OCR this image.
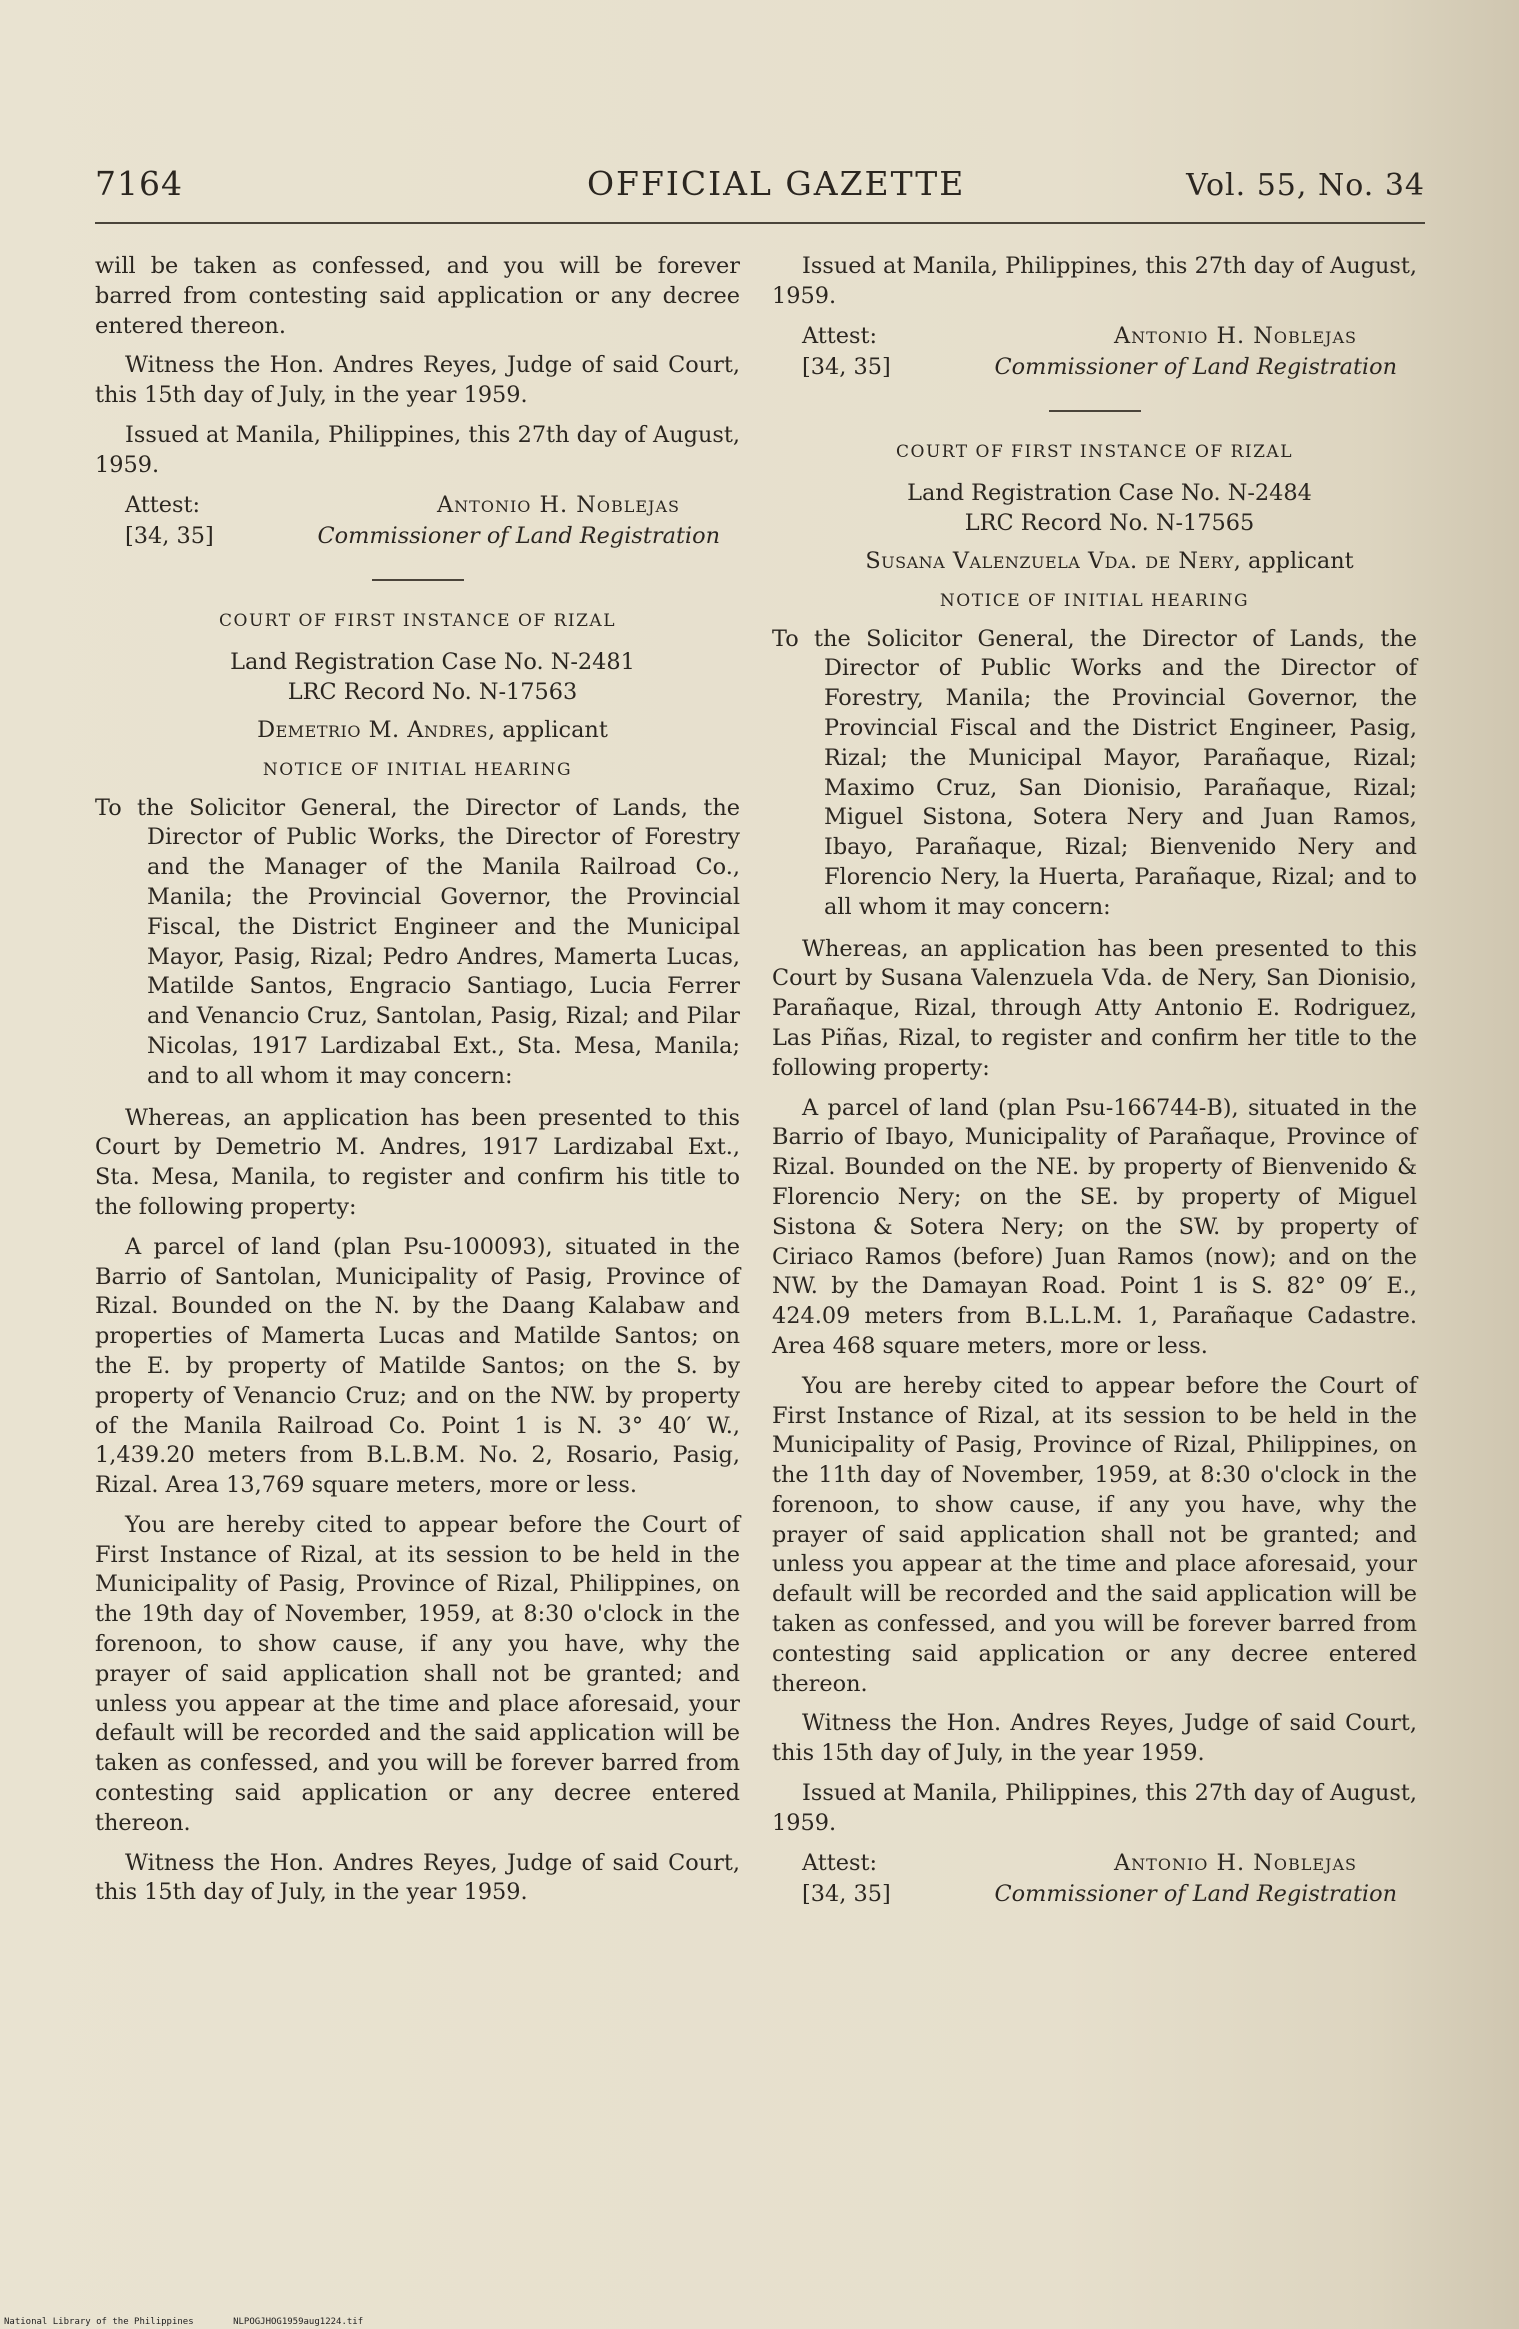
7164	OFFICIAL GAZETTE	Vol. 55, No. 34

will be taken as confessed, and you will be forever barred from contesting said application or any decree entered thereon.

Witness the Hon. Andres Reyes, Judge of said Court, this 15th day of July, in the year 1959.

Issued at Manila, Philippines, this 27th day of August, 1959.

Attest:
[34, 35]
Antonio H. Noblejas
Commissioner of Land Registration
COURT OF FIRST INSTANCE OF RIZAL

Land Registration Case No. N-2481

LRC Record No. N-17563

Demetrio M. Andres, applicant

NOTICE OF INITIAL HEARING

To the Solicitor General, the Director of Lands, the Director of Public Works, the Director of Forestry and the Manager of the Manila Railroad Co., Manila; the Provincial Governor, the Provincial Fiscal, the District Engineer and the Municipal Mayor, Pasig, Rizal; Pedro Andres, Mamerta Lucas, Matilde Santos, Engracio Santiago, Lucia Ferrer and Venancio Cruz, Santolan, Pasig, Rizal; and Pilar Nicolas, 1917 Lardizabal Ext., Sta. Mesa, Manila; and to all whom it may concern:

Whereas, an application has been presented to this Court by Demetrio M. Andres, 1917 Lardizabal Ext., Sta. Mesa, Manila, to register and confirm his title to the following property:

A parcel of land (plan Psu-100093), situated in the Barrio of Santolan, Municipality of Pasig, Province of Rizal. Bounded on the N. by the Daang Kalabaw and properties of Mamerta Lucas and Matilde Santos; on the E. by property of Matilde Santos; on the S. by property of Venancio Cruz; and on the NW. by property of the Manila Railroad Co. Point 1 is N. 3° 40′ W., 1,439.20 meters from B.L.B.M. No. 2, Rosario, Pasig, Rizal. Area 13,769 square meters, more or less.

You are hereby cited to appear before the Court of First Instance of Rizal, at its session to be held in the Municipality of Pasig, Province of Rizal, Philippines, on the 19th day of November, 1959, at 8:30 o'clock in the forenoon, to show cause, if any you have, why the prayer of said application shall not be granted; and unless you appear at the time and place aforesaid, your default will be recorded and the said application will be taken as confessed, and you will be forever barred from contesting said application or any decree entered thereon.

Witness the Hon. Andres Reyes, Judge of said Court, this 15th day of July, in the year 1959.

Issued at Manila, Philippines, this 27th day of August, 1959.

Attest:
[34, 35]
Antonio H. Noblejas
Commissioner of Land Registration
COURT OF FIRST INSTANCE OF RIZAL

Land Registration Case No. N-2484

LRC Record No. N-17565

Susana Valenzuela Vda. de Nery, applicant

NOTICE OF INITIAL HEARING

To the Solicitor General, the Director of Lands, the Director of Public Works and the Director of Forestry, Manila; the Provincial Governor, the Provincial Fiscal and the District Engineer, Pasig, Rizal; the Municipal Mayor, Parañaque, Rizal; Maximo Cruz, San Dionisio, Parañaque, Rizal; Miguel Sistona, Sotera Nery and Juan Ramos, Ibayo, Parañaque, Rizal; Bienvenido Nery and Florencio Nery, la Huerta, Parañaque, Rizal; and to all whom it may concern:

Whereas, an application has been presented to this Court by Susana Valenzuela Vda. de Nery, San Dionisio, Parañaque, Rizal, through Atty Antonio E. Rodriguez, Las Piñas, Rizal, to register and confirm her title to the following property:

A parcel of land (plan Psu-166744-B), situated in the Barrio of Ibayo, Municipality of Parañaque, Province of Rizal. Bounded on the NE. by property of Bienvenido & Florencio Nery; on the SE. by property of Miguel Sistona & Sotera Nery; on the SW. by property of Ciriaco Ramos (before) Juan Ramos (now); and on the NW. by the Damayan Road. Point 1 is S. 82° 09′ E., 424.09 meters from B.L.L.M. 1, Parañaque Cadastre. Area 468 square meters, more or less.

You are hereby cited to appear before the Court of First Instance of Rizal, at its session to be held in the Municipality of Pasig, Province of Rizal, Philippines, on the 11th day of November, 1959, at 8:30 o'clock in the forenoon, to show cause, if any you have, why the prayer of said application shall not be granted; and unless you appear at the time and place aforesaid, your default will be recorded and the said application will be taken as confessed, and you will be forever barred from contesting said application or any decree entered thereon.

Witness the Hon. Andres Reyes, Judge of said Court, this 15th day of July, in the year 1959.

Issued at Manila, Philippines, this 27th day of August, 1959.

Attest:
[34, 35]
Antonio H. Noblejas
Commissioner of Land Registration
National Library of the Philippines	NLPOGJHOG1959aug1224.tif
